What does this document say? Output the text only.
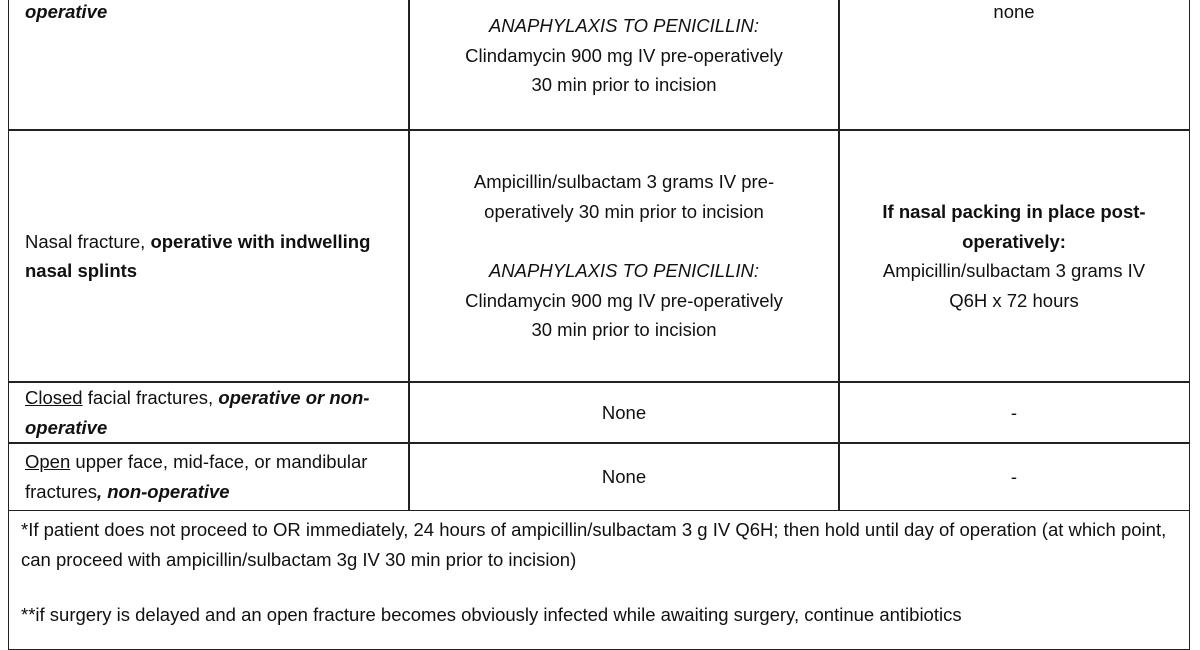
operative
ANAPHYLAXIS TO PENICILLIN:
Clindamycin 900 mg IV pre-operatively
30 min prior to incision
none
Nasal fracture, operative with indwelling nasal splints
Ampicillin/sulbactam 3 grams IV pre-
operatively 30 min prior to incision
ANAPHYLAXIS TO PENICILLIN:
Clindamycin 900 mg IV pre-operatively
30 min prior to incision
If nasal packing in place post-
operatively:
Ampicillin/sulbactam 3 grams IV
Q6H x 72 hours
Closed facial fractures, operative or non-operative
None	-
Open upper face, mid-face, or mandibular fractures, non-operative
None	-

*If patient does not proceed to OR immediately, 24 hours of ampicillin/sulbactam 3 g IV Q6H; then hold until day of operation (at which point, can proceed with ampicillin/sulbactam 3g IV 30 min prior to incision)

**if surgery is delayed and an open fracture becomes obviously infected while awaiting surgery, continue antibiotics
